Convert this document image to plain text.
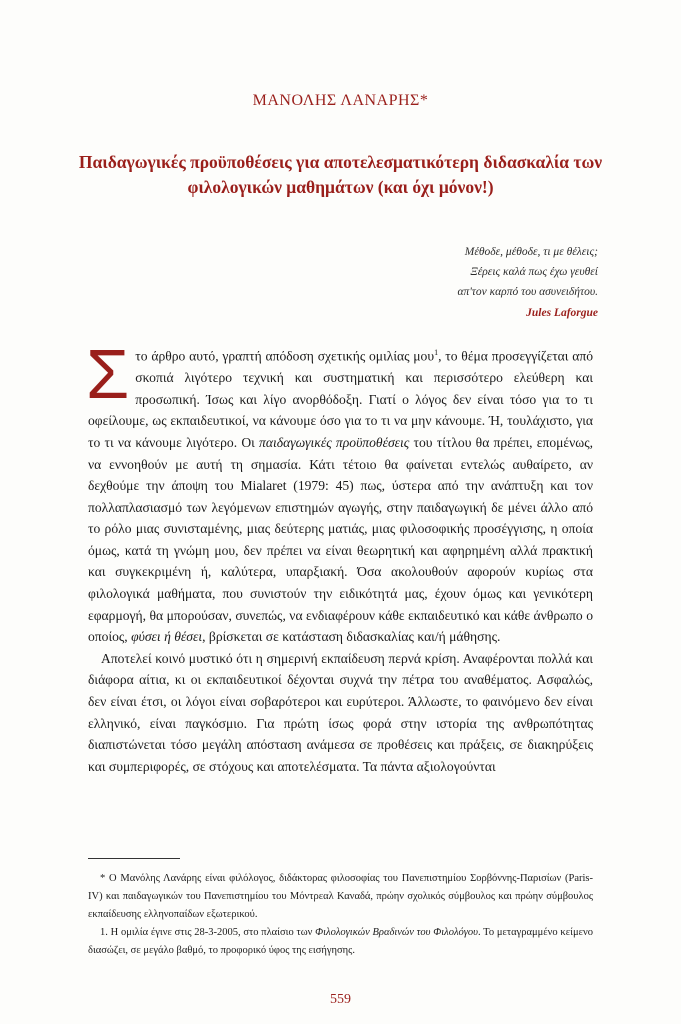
ΜΑΝΟΛΗΣ ΛΑΝΑΡΗΣ*
Παιδαγωγικές προϋποθέσεις για αποτελεσματικότερη διδασκαλία των φιλολογικών μαθημάτων (και όχι μόνον!)
Μέθοδε, μέθοδε, τι με θέλεις;
Ξέρεις καλά πως έχω γευθεί
απ'τον καρπό του ασυνειδήτου.
Jules Laforgue

Στο άρθρο αυτό, γραπτή απόδοση σχετικής ομιλίας μου$^1$, το θέμα προσεγγίζεται από σκοπιά λιγότερο τεχνική και συστηματική και περισσότερο ελεύθερη και προσωπική. Ίσως και λίγο ανορθόδοξη. Γιατί ο λόγος δεν είναι τόσο για το τι οφείλουμε, ως εκπαιδευτικοί, να κάνουμε όσο για το τι να μην κάνουμε. Ή, τουλάχιστο, για το τι να κάνουμε λιγότερο. Οι παιδαγωγικές προϋποθέσεις του τίτλου θα πρέπει, επομένως, να εννοηθούν με αυτή τη σημασία. Κάτι τέτοιο θα φαίνεται εντελώς αυθαίρετο, αν δεχθούμε την άποψη του Mialaret (1979: 45) πως, ύστερα από την ανάπτυξη και τον πολλαπλασιασμό των λεγόμενων επιστημών αγωγής, στην παιδαγωγική δε μένει άλλο από το ρόλο μιας συνισταμένης, μιας δεύτερης ματιάς, μιας φιλοσοφικής προσέγγισης, η οποία όμως, κατά τη γνώμη μου, δεν πρέπει να είναι θεωρητική και αφηρημένη αλλά πρακτική και συγκεκριμένη ή, καλύτερα, υπαρξιακή. Όσα ακολουθούν αφορούν κυρίως στα φιλολογικά μαθήματα, που συνιστούν την ειδικότητά μας, έχουν όμως και γενικότερη εφαρμογή, θα μπορούσαν, συνεπώς, να ενδιαφέρουν κάθε εκπαιδευτικό και κάθε άνθρωπο ο οποίος, φύσει ή θέσει, βρίσκεται σε κατάσταση διδασκαλίας και/ή μάθησης.

Αποτελεί κοινό μυστικό ότι η σημερινή εκπαίδευση περνά κρίση. Αναφέρονται πολλά και διάφορα αίτια, κι οι εκπαιδευτικοί δέχονται συχνά την πέτρα του αναθέματος. Ασφαλώς, δεν είναι έτσι, οι λόγοι είναι σοβαρότεροι και ευρύτεροι. Άλλωστε, το φαινόμενο δεν είναι ελληνικό, είναι παγκόσμιο. Για πρώτη ίσως φορά στην ιστορία της ανθρωπότητας διαπιστώνεται τόσο μεγάλη απόσταση ανάμεσα σε προθέσεις και πράξεις, σε διακηρύξεις και συμπεριφορές, σε στόχους και αποτελέσματα. Τα πάντα αξιολογούνται

* Ο Μανόλης Λανάρης είναι φιλόλογος, διδάκτορας φιλοσοφίας του Πανεπιστημίου Σορβόννης-Παρισίων (Paris-IV) και παιδαγωγικών του Πανεπιστημίου του Μόντρεαλ Καναδά, πρώην σχολικός σύμβουλος και πρώην σύμβουλος εκπαίδευσης ελληνοπαίδων εξωτερικού.

1. Η ομιλία έγινε στις 28-3-2005, στο πλαίσιο των Φιλολογικών Βραδινών του Φιλολόγου. Το μεταγραμμένο κείμενο διασώζει, σε μεγάλο βαθμό, το προφορικό ύφος της εισήγησης.

559
